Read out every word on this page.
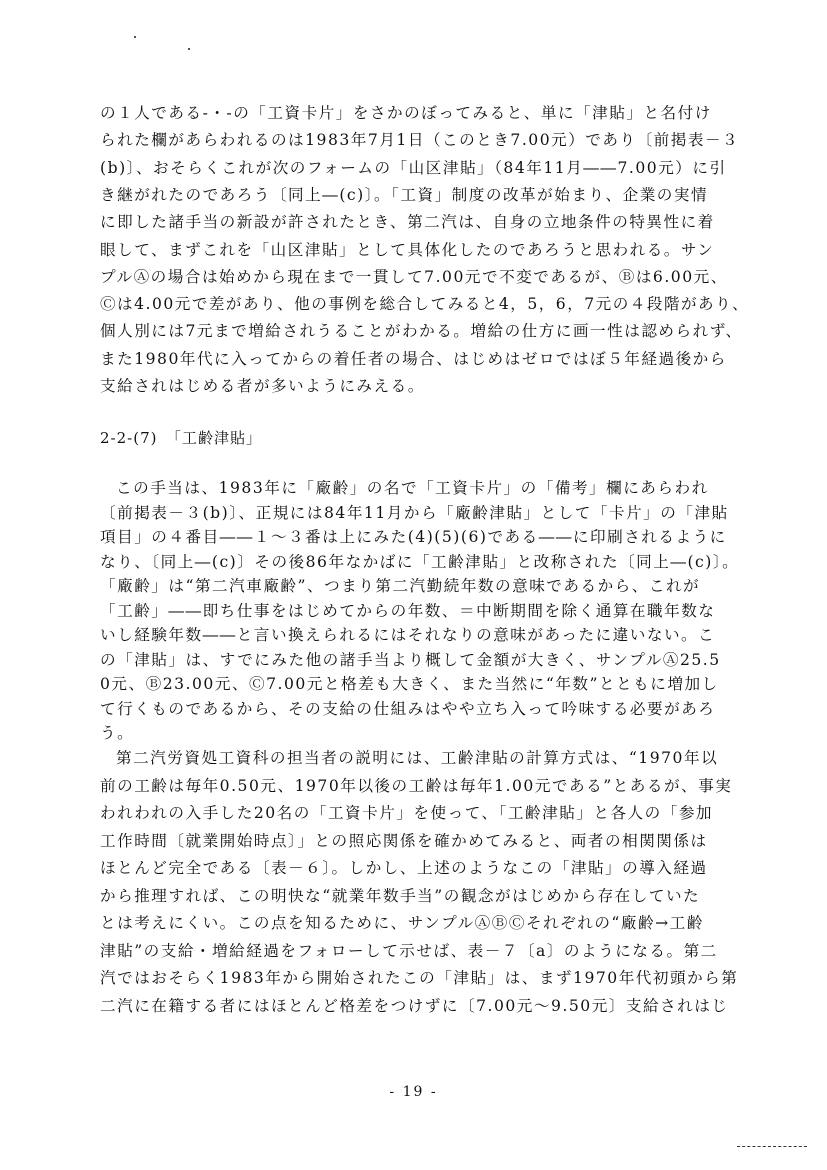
の１人である-・-の「工資卡片」をさかのぼってみると、単に「津貼」と名付け
られた欄があらわれるのは1983年7月1日（このとき7.00元）であり〔前掲表－３
(b)〕、おそらくこれが次のフォームの「山区津貼」（84年11月――7.00元）に引
き継がれたのであろう〔同上―(c)〕。「工資」制度の改革が始まり、企業の実情
に即した諸手当の新設が許されたとき、第二汽は、自身の立地条件の特異性に着
眼して、まずこれを「山区津貼」として具体化したのであろうと思われる。サン
プルⒶの場合は始めから現在まで一貫して7.00元で不変であるが、Ⓑは6.00元、
Ⓒは4.00元で差があり、他の事例を総合してみると4，5，6，7元の４段階があり、
個人別には7元まで増給されうることがわかる。増給の仕方に画一性は認められず、
また1980年代に入ってからの着任者の場合、はじめはゼロではぼ５年経過後から
支給されはじめる者が多いようにみえる。
2-2-(7)　「工齢津貼」
この手当は、1983年に「廠齢」の名で「工資卡片」の「備考」欄にあらわれ
〔前掲表－３(b)〕、正規には84年11月から「廠齢津貼」として「卡片」の「津貼
項目」の４番目――１～３番は上にみた(4)(5)(6)である――に印刷されるように
なり、〔同上―(c)〕その後86年なかばに「工齢津貼」と改称された〔同上―(c)〕。
「廠齢」は“第二汽車廠齢”、つまり第二汽勤続年数の意味であるから、これが
「工齢」――即ち仕事をはじめてからの年数、＝中断期間を除く通算在職年数な
いし経験年数――と言い換えられるにはそれなりの意味があったに違いない。こ
の「津貼」は、すでにみた他の諸手当より概して金額が大きく、サンプルⒶ25.5
0元、Ⓑ23.00元、Ⓒ7.00元と格差も大きく、また当然に“年数”とともに増加し
て行くものであるから、その支給の仕組みはやや立ち入って吟味する必要があろ
う。
第二汽労資処工資科の担当者の説明には、工齢津貼の計算方式は、“1970年以
前の工齢は毎年0.50元、1970年以後の工齢は毎年1.00元である”とあるが、事実
われわれの入手した20名の「工資卡片」を使って、「工齢津貼」と各人の「参加
工作時間〔就業開始時点〕」との照応関係を確かめてみると、両者の相関関係は
ほとんど完全である〔表－６〕。しかし、上述のようなこの「津貼」の導入経過
から推理すれば、この明快な“就業年数手当”の観念がはじめから存在していた
とは考えにくい。この点を知るために、サンプルⒶⒷⒸそれぞれの“廠齢→工齢
津貼”の支給・増給経過をフォローして示せば、表－７〔a〕のようになる。第二
汽ではおそらく1983年から開始されたこの「津貼」は、まず1970年代初頭から第
二汽に在籍する者にはほとんど格差をつけずに〔7.00元～9.50元〕支給されはじ
- 19 -
